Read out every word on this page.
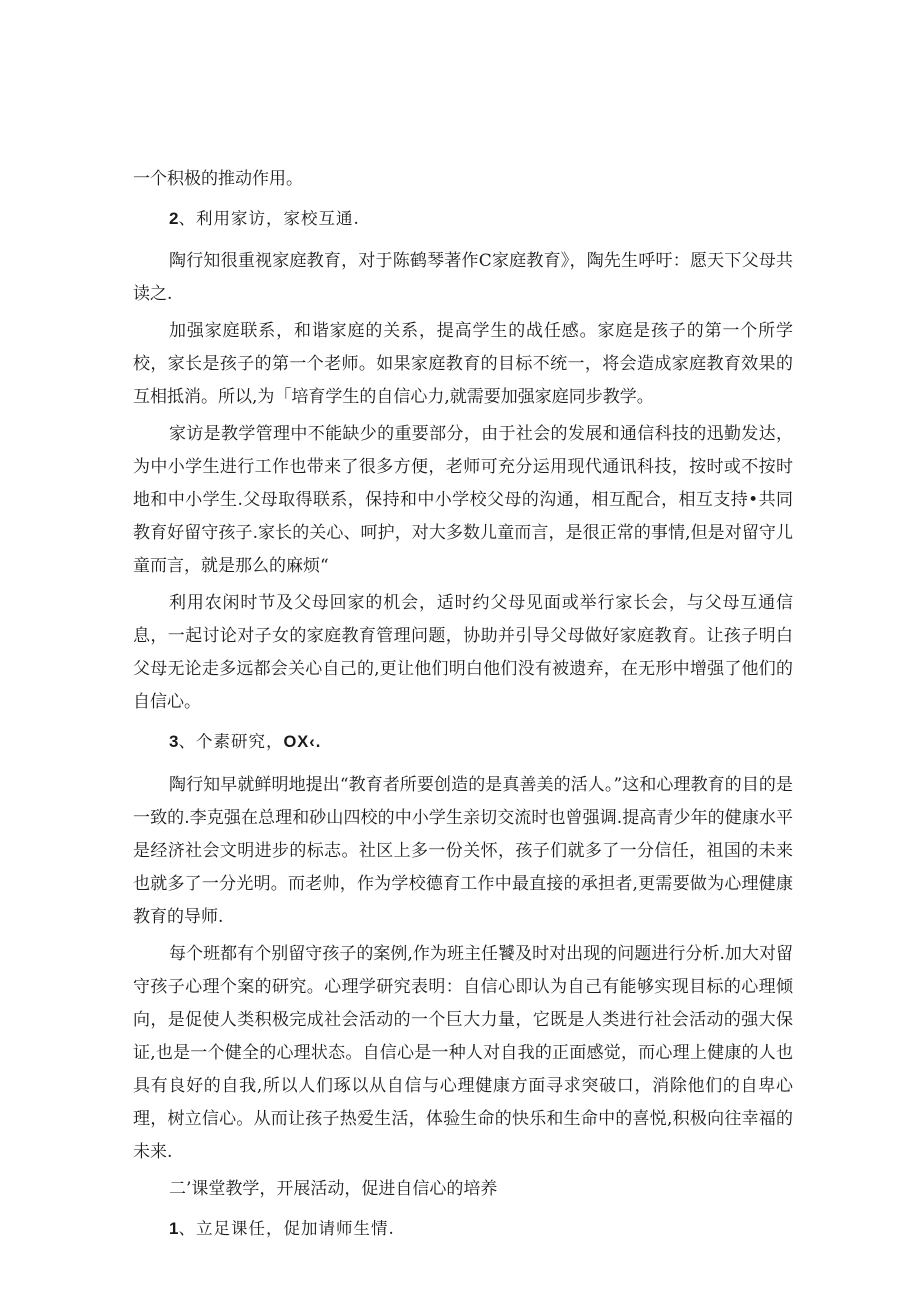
一个积极的推动作用。

2、利用家访，家校互通.

陶行知很重视家庭教育，对于陈鹤琴著作C家庭教育》，陶先生呼吁：愿天下父母共读之.

加强家庭联系，和谐家庭的关系，提高学生的战任感。家庭是孩子的第一个所学校，家长是孩子的第一个老师。如果家庭教育的目标不统一，将会造成家庭教育效果的互相抵消。所以,为「培育学生的自信心力,就需要加强家庭同步教学。

家访是教学管理中不能缺少的重要部分，由于社会的发展和通信科技的迅勤发达，为中小学生进行工作也带来了很多方便，老师可充分运用现代通讯科技，按时或不按时地和中小学生.父母取得联系，保持和中小学校父母的沟通，相互配合，相互支持•共同教育好留守孩子.家长的关心、呵护，对大多数儿童而言，是很正常的事情,但是对留守儿童而言，就是那么的麻烦“

利用农闲时节及父母回家的机会，适时约父母见面或举行家长会，与父母互通信息，一起讨论对子女的家庭教育管理问题，协助并引导父母做好家庭教育。让孩子明白父母无论走多远都会关心自己的,更让他们明白他们没有被遗弃，在无形中增强了他们的自信心。

3、个素研究，OX‹.

陶行知早就鲜明地提出“教育者所要创造的是真善美的活人。”这和心理教育的目的是一致的.李克强在总理和砂山四校的中小学生亲切交流时也曾强调.提高青少年的健康水平是经济社会文明进步的标志。社区上多一份关怀，孩子们就多了一分信任，祖国的未来也就多了一分光明。而老帅，作为学校德育工作中最直接的承担者,更需要做为心理健康教育的导师.

每个班都有个别留守孩子的案例,作为班主任饕及时对出现的问题进行分析.加大对留守孩子心理个案的研究。心理学研究表明：自信心即认为自己有能够实现目标的心理倾向，是促使人类积极完成社会活动的一个巨大力量，它既是人类进行社会活动的强大保证,也是一个健全的心理状态。自信心是一种人对自我的正面感觉，而心理上健康的人也具有良好的自我,所以人们琢以从自信与心理健康方面寻求突破口，消除他们的自卑心理，树立信心。从而让孩子热爱生活，体验生命的快乐和生命中的喜悦,积极向往幸福的未来.

二’课堂教学，开展活动，促进自信心的培养

1、立足课任，促加请师生情.
